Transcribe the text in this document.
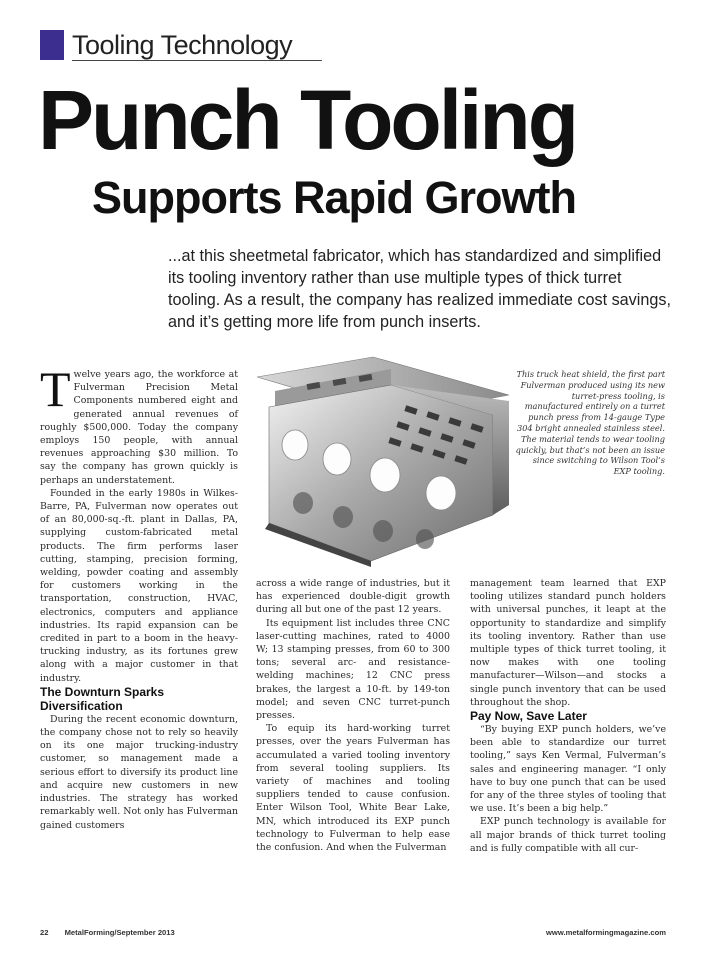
Tooling Technology
Punch Tooling
Supports Rapid Growth
...at this sheetmetal fabricator, which has standardized and simplified its tooling inventory rather than use multiple types of thick turret tooling. As a result, the company has realized immediate cost savings, and it’s getting more life from punch inserts.

Twelve years ago, the workforce at Fulverman Precision Metal Components numbered eight and generated annual revenues of roughly $500,000. Today the company employs 150 people, with annual revenues approaching $30 million. To say the company has grown quickly is perhaps an understatement.

Founded in the early 1980s in Wilkes-Barre, PA, Fulverman now operates out of an 80,000-sq.-ft. plant in Dallas, PA, supplying custom-fabricated metal products. The firm performs laser cutting, stamping, precision forming, welding, powder coating and assembly for customers working in the transportation, construction, HVAC, electronics, computers and appliance industries. Its rapid expansion can be credited in part to a boom in the heavy-trucking industry, as its fortunes grew along with a major customer in that industry.

The Downturn Sparks Diversification

During the recent economic downturn, the company chose not to rely so heavily on its one major trucking-industry customer, so management made a serious effort to diversify its product line and acquire new customers in new industries. The strategy has worked remarkably well. Not only has Fulverman gained customers

This truck heat shield, the first part Fulverman produced using its new turret-press tooling, is manufactured entirely on a turret punch press from 14-gauge Type 304 bright annealed stainless steel. The material tends to wear tooling quickly, but that’s not been an issue since switching to Wilson Tool’s EXP tooling.

across a wide range of industries, but it has experienced double-digit growth during all but one of the past 12 years.

Its equipment list includes three CNC laser-cutting machines, rated to 4000 W; 13 stamping presses, from 60 to 300 tons; several arc- and resistance-welding machines; 12 CNC press brakes, the largest a 10-ft. by 149-ton model; and seven CNC turret-punch presses.

To equip its hard-working turret presses, over the years Fulverman has accumulated a varied tooling inventory from several tooling suppliers. Its variety of machines and tooling suppliers tended to cause confusion. Enter Wilson Tool, White Bear Lake, MN, which introduced its EXP punch technology to Fulverman to help ease the confusion. And when the Fulverman

management team learned that EXP tooling utilizes standard punch holders with universal punches, it leapt at the opportunity to standardize and simplify its tooling inventory. Rather than use multiple types of thick turret tooling, it now makes with one tooling manufacturer—Wilson—and stocks a single punch inventory that can be used throughout the shop.

Pay Now, Save Later

“By buying EXP punch holders, we’ve been able to standardize our turret tooling,” says Ken Vermal, Fulverman’s sales and engineering manager. “I only have to buy one punch that can be used for any of the three styles of tooling that we use. It’s been a big help.”

EXP punch technology is available for all major brands of thick turret tooling and is fully compatible with all cur-

22 MetalForming/September 2013	www.metalformingmagazine.com
